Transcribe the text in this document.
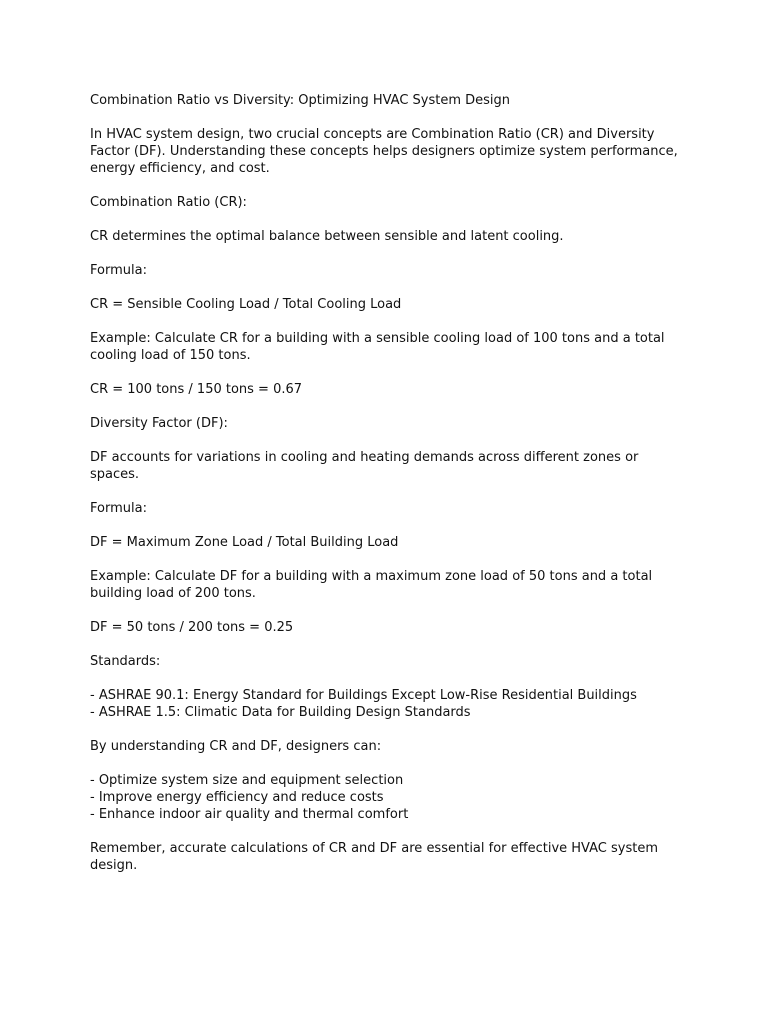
Combination Ratio vs Diversity: Optimizing HVAC System Design

In HVAC system design, two crucial concepts are Combination Ratio (CR) and Diversity Factor (DF). Understanding these concepts helps designers optimize system performance, energy efficiency, and cost.

Combination Ratio (CR):

CR determines the optimal balance between sensible and latent cooling.

Formula:

CR = Sensible Cooling Load / Total Cooling Load

Example: Calculate CR for a building with a sensible cooling load of 100 tons and a total cooling load of 150 tons.

CR = 100 tons / 150 tons = 0.67

Diversity Factor (DF):

DF accounts for variations in cooling and heating demands across different zones or spaces.

Formula:

DF = Maximum Zone Load / Total Building Load

Example: Calculate DF for a building with a maximum zone load of 50 tons and a total building load of 200 tons.

DF = 50 tons / 200 tons = 0.25

Standards:

- ASHRAE 90.1: Energy Standard for Buildings Except Low-Rise Residential Buildings
- ASHRAE 1.5: Climatic Data for Building Design Standards

By understanding CR and DF, designers can:

- Optimize system size and equipment selection
- Improve energy efficiency and reduce costs
- Enhance indoor air quality and thermal comfort

Remember, accurate calculations of CR and DF are essential for effective HVAC system design.
